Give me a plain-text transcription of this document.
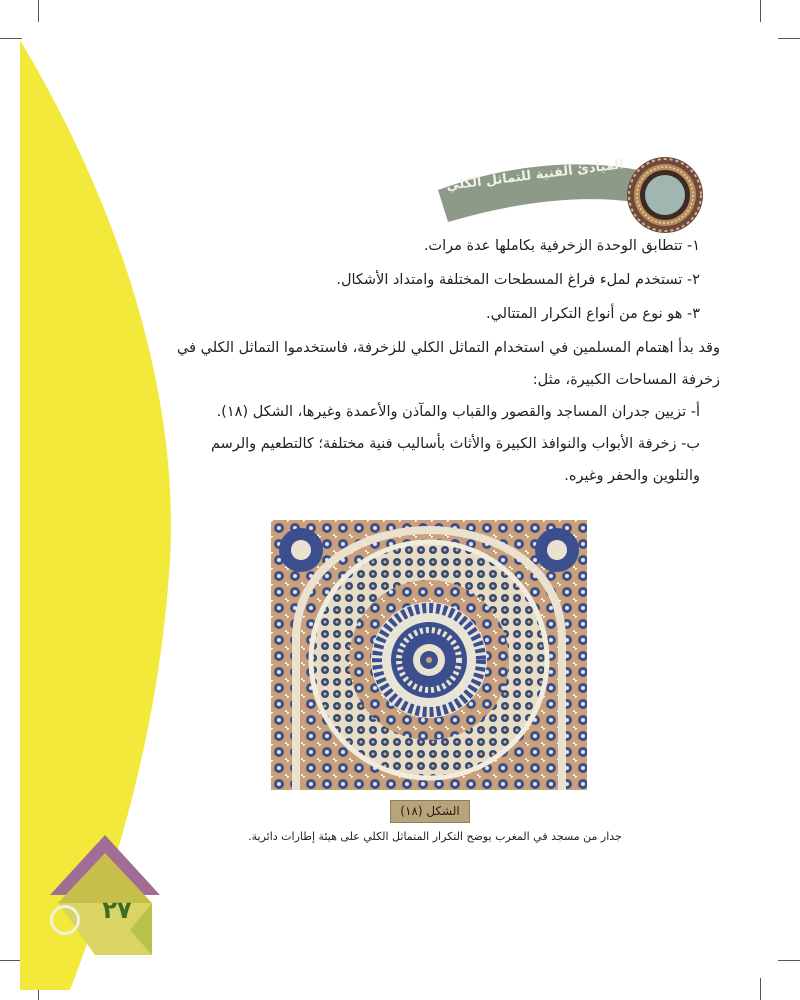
المبادئ الفنية للتماثل الكلي
١- تتطابق الوحدة الزخرفية بكاملها عدة مرات.
٢- تستخدم لملء فراغ المسطحات المختلفة وامتداد الأشكال.
٣- هو نوع من أنواع التكرار المتتالي.
وقد بدأ اهتمام المسلمين في استخدام التماثل الكلي للزخرفة، فاستخدموا التماثل الكلي في
زخرفة المساحات الكبيرة، مثل:
أ- تزيين جدران المساجد والقصور والقباب والمآذن والأعمدة وغيرها، الشكل (١٨).
ب- زخرفة الأبواب والنوافذ الكبيرة والأثاث بأساليب فنية مختلفة؛ كالتطعيم والرسم
والتلوين والحفر وغيره.
الشكل (١٨)
جدار من مسجد في المغرب يوضح التكرار المتماثل الكلي على هيئة إطارات دائرية.
٢٧
